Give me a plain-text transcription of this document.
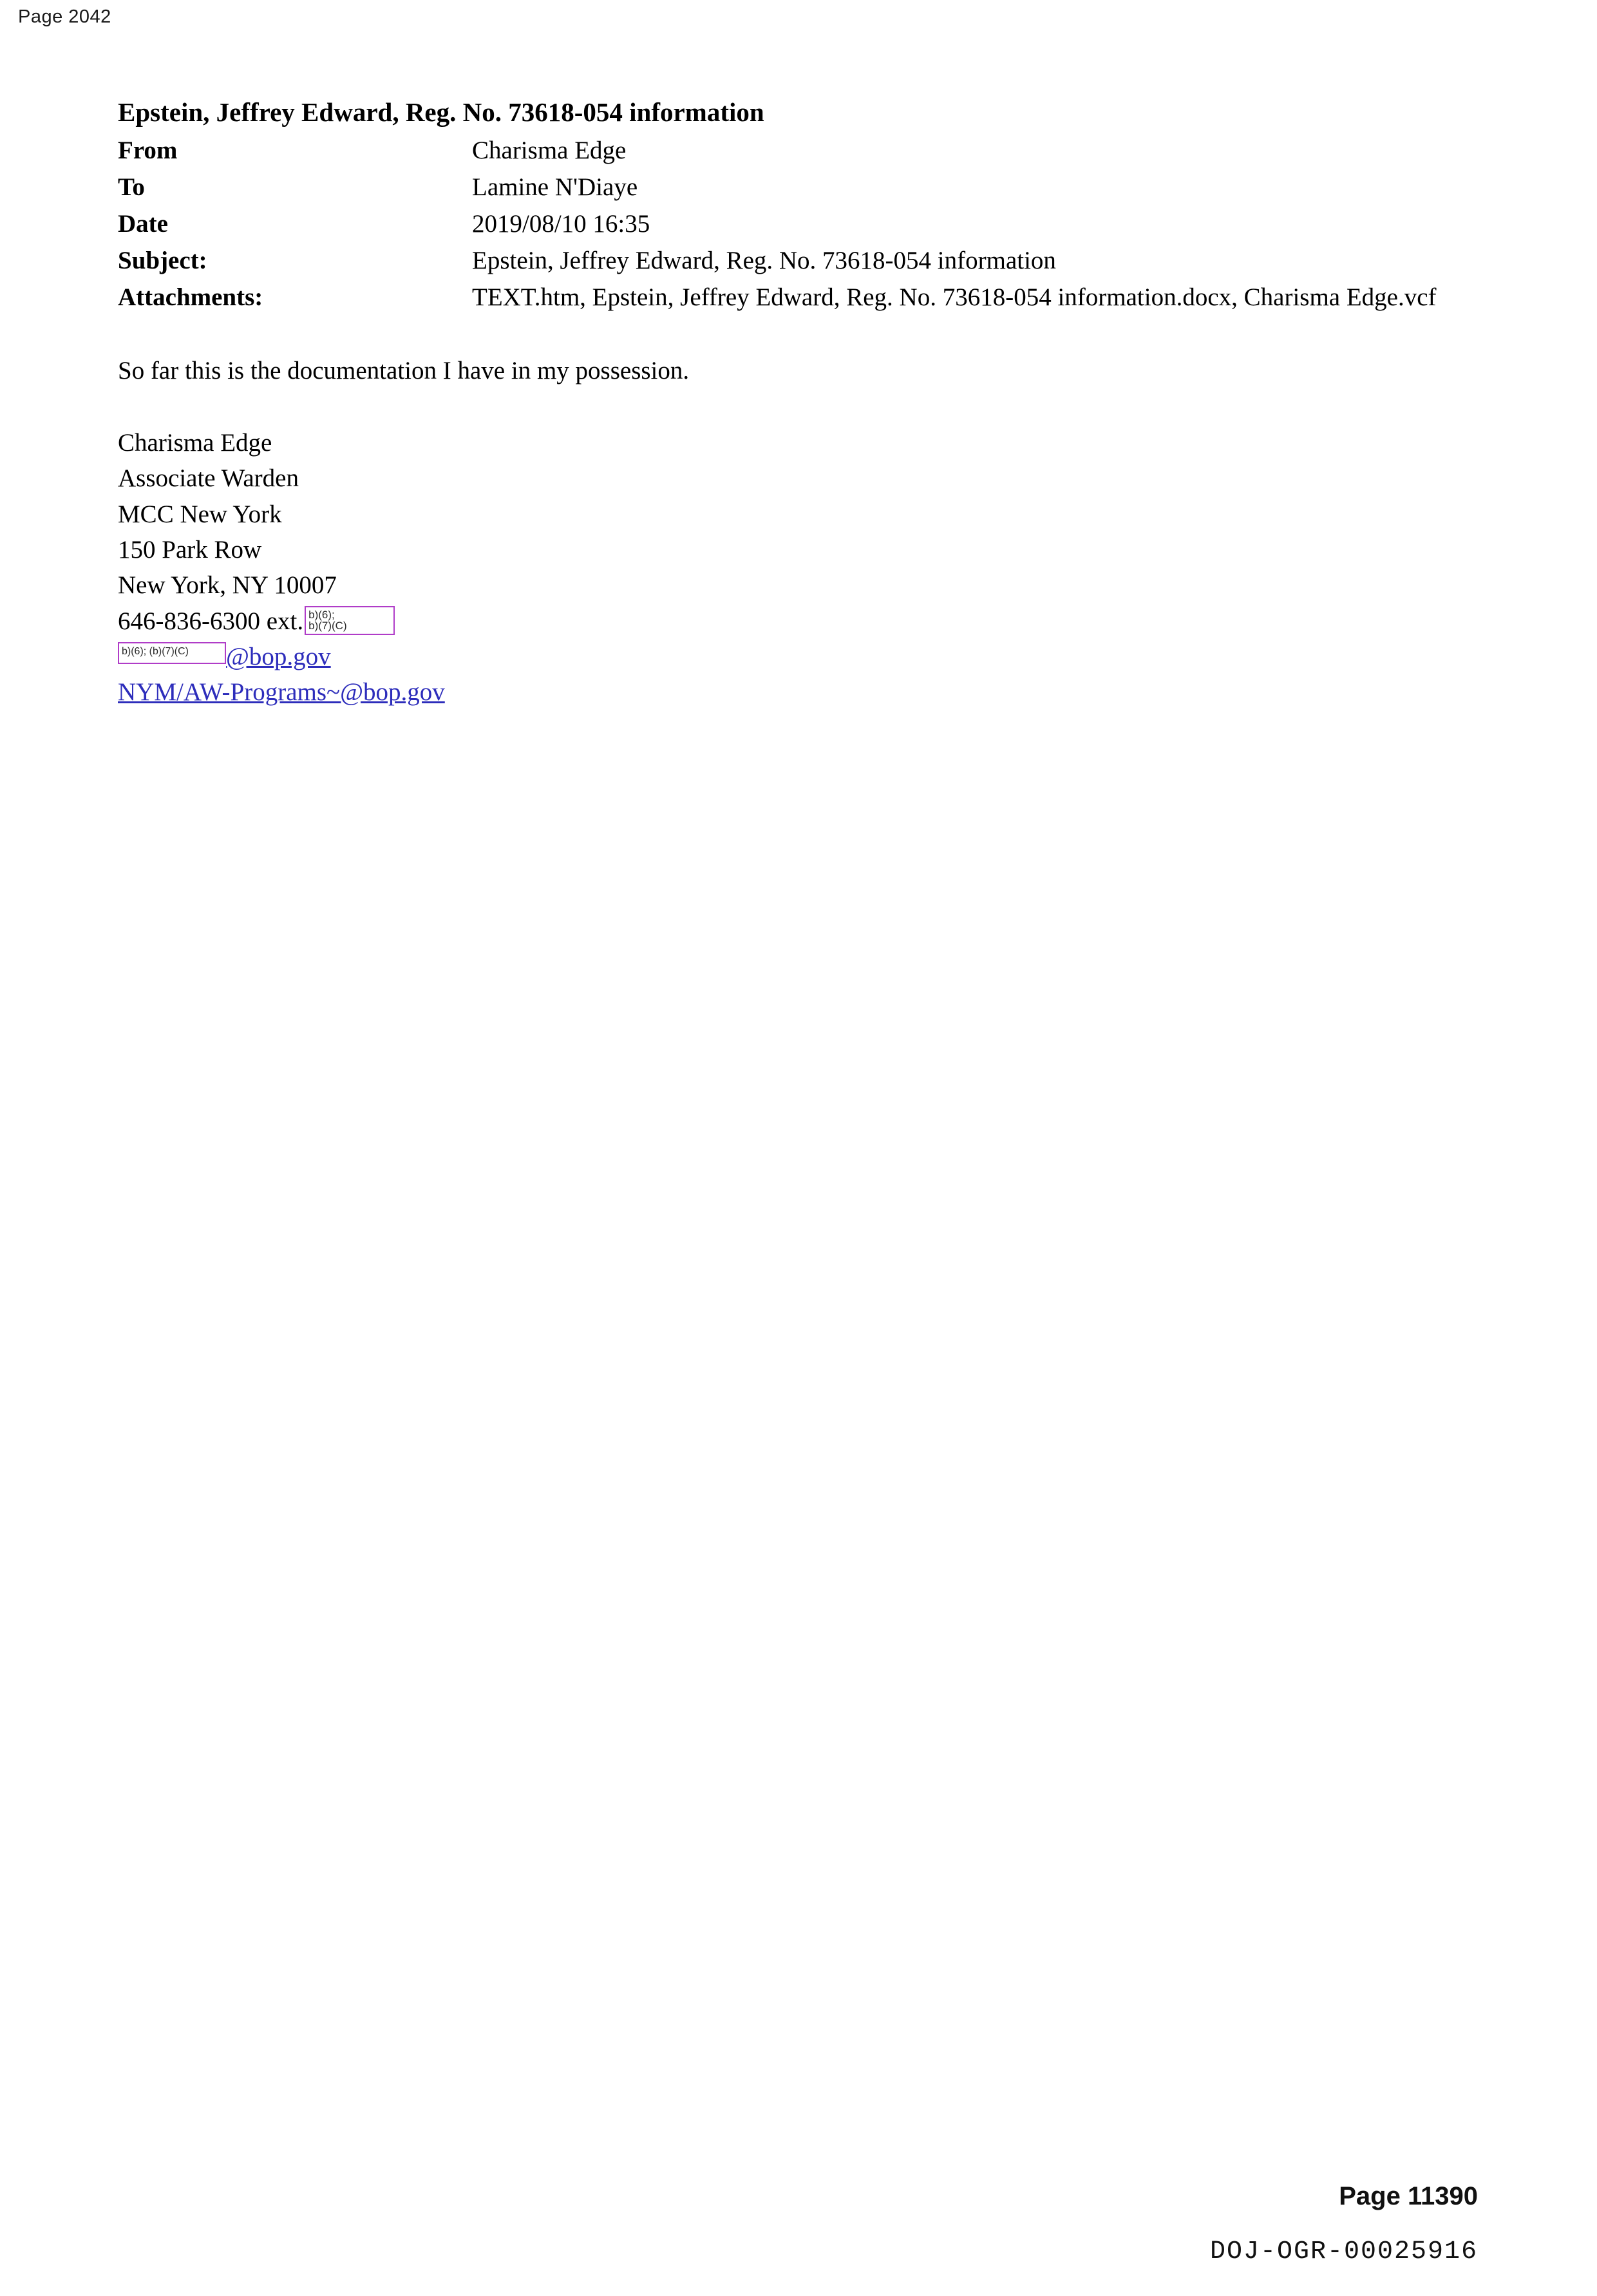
Page 2042
Epstein, Jeffrey Edward, Reg. No. 73618-054 information
From	Charisma Edge
To	Lamine N'Diaye
Date	2019/08/10 16:35
Subject:	Epstein, Jeffrey Edward, Reg. No. 73618-054 information
Attachments:	TEXT.htm, Epstein, Jeffrey Edward, Reg. No. 73618-054 information.docx, Charisma Edge.vcf
So far this is the documentation I have in my possession.
Charisma Edge
Associate Warden
MCC New York
150 Park Row
New York, NY 10007
646-836-6300 ext. b)(6);
b)(7)(C)
b)(6); (b)(7)(C) @bop.gov
NYM/AW-Programs~@bop.gov
Page 11390
DOJ-OGR-00025916
